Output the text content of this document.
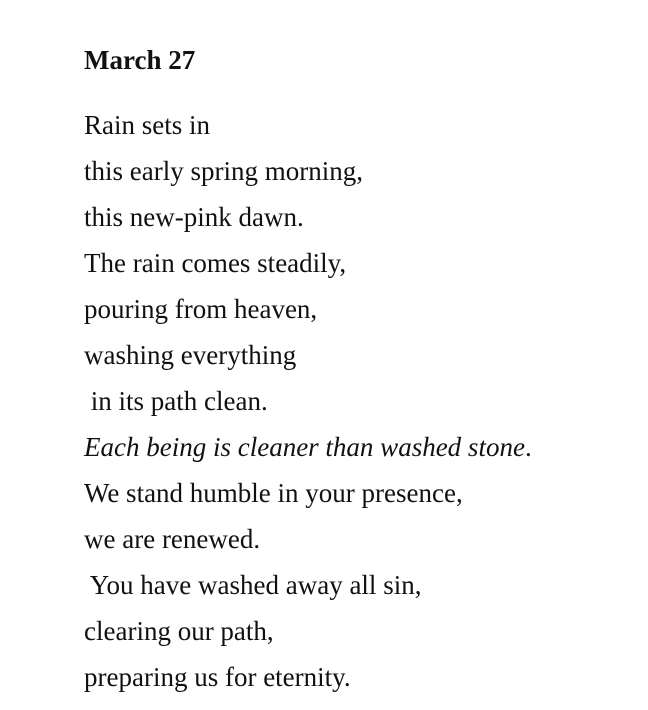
March 27
Rain sets in
this early spring morning,
this new-pink dawn.
The rain comes steadily,
pouring from heaven,
washing everything
in its path clean.
Each being is cleaner than washed stone.
We stand humble in your presence,
we are renewed.
You have washed away all sin,
clearing our path,
preparing us for eternity.
